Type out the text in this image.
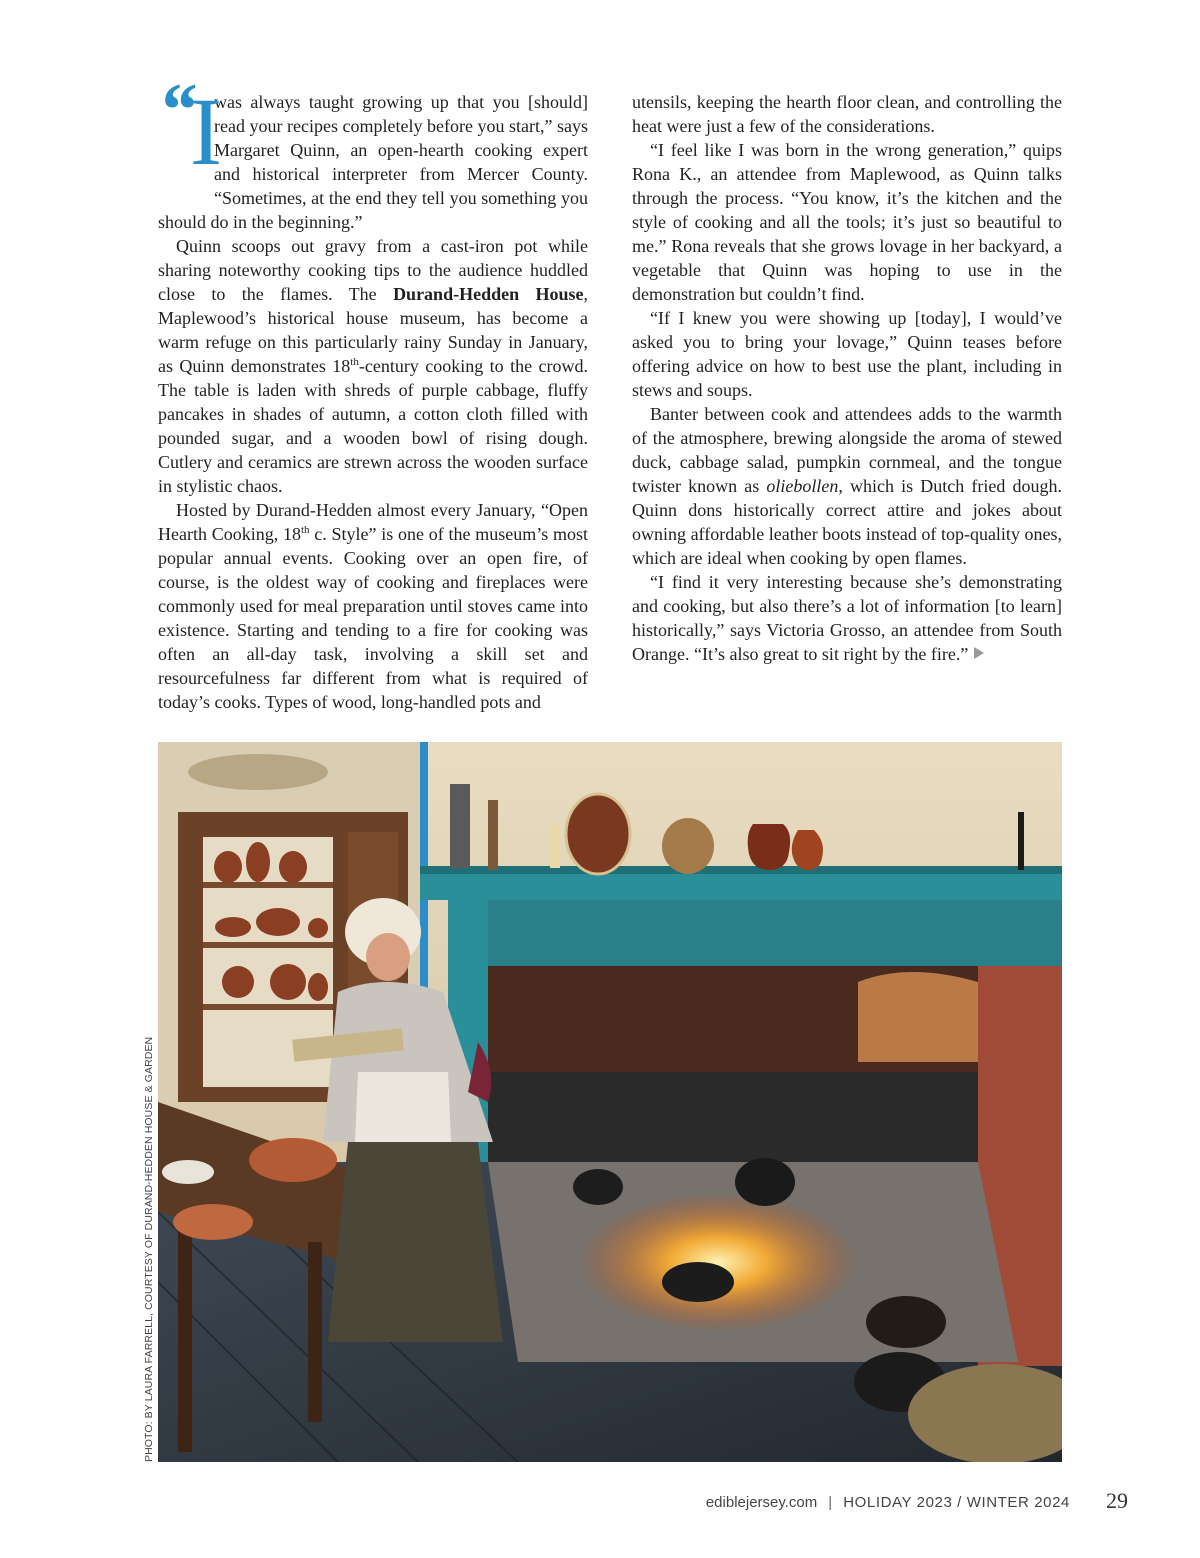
“ I
was always taught growing up that you [should] read your recipes completely before you start,” says Margaret Quinn, an open-hearth cooking expert and historical interpreter from Mercer County. “Sometimes, at the end they tell you something you should do in the beginning.”

Quinn scoops out gravy from a cast-iron pot while sharing noteworthy cooking tips to the audience huddled close to the flames. The Durand-Hedden House, Maplewood’s historical house museum, has become a warm refuge on this particularly rainy Sunday in January, as Quinn demonstrates 18th-century cooking to the crowd. The table is laden with shreds of purple cabbage, fluffy pancakes in shades of autumn, a cotton cloth filled with pounded sugar, and a wooden bowl of rising dough. Cutlery and ceramics are strewn across the wooden surface in stylistic chaos.

Hosted by Durand-Hedden almost every January, “Open Hearth Cooking, 18th c. Style” is one of the museum’s most popular annual events. Cooking over an open fire, of course, is the oldest way of cooking and fireplaces were commonly used for meal preparation until stoves came into existence. Starting and tending to a fire for cooking was often an all-day task, involving a skill set and resourcefulness far different from what is required of today’s cooks. Types of wood, long-handled pots and

utensils, keeping the hearth floor clean, and controlling the heat were just a few of the considerations.

“I feel like I was born in the wrong generation,” quips Rona K., an attendee from Maplewood, as Quinn talks through the process. “You know, it’s the kitchen and the style of cooking and all the tools; it’s just so beautiful to me.” Rona reveals that she grows lovage in her backyard, a vegetable that Quinn was hoping to use in the demonstration but couldn’t find.

“If I knew you were showing up [today], I would’ve asked you to bring your lovage,” Quinn teases before offering advice on how to best use the plant, including in stews and soups.

Banter between cook and attendees adds to the warmth of the atmosphere, brewing alongside the aroma of stewed duck, cabbage salad, pumpkin cornmeal, and the tongue twister known as oliebollen, which is Dutch fried dough. Quinn dons historically correct attire and jokes about owning affordable leather boots instead of top-quality ones, which are ideal when cooking by open flames.

“I find it very interesting because she’s demonstrating and cooking, but also there’s a lot of information [to learn] historically,” says Victoria Grosso, an attendee from South Orange. “It’s also great to sit right by the fire.”

PHOTO: BY LAURA FARRELL, COURTESY OF DURAND-HEDDEN HOUSE & GARDEN
ediblejersey.com | HOLIDAY 2023 / WINTER 2024 29
